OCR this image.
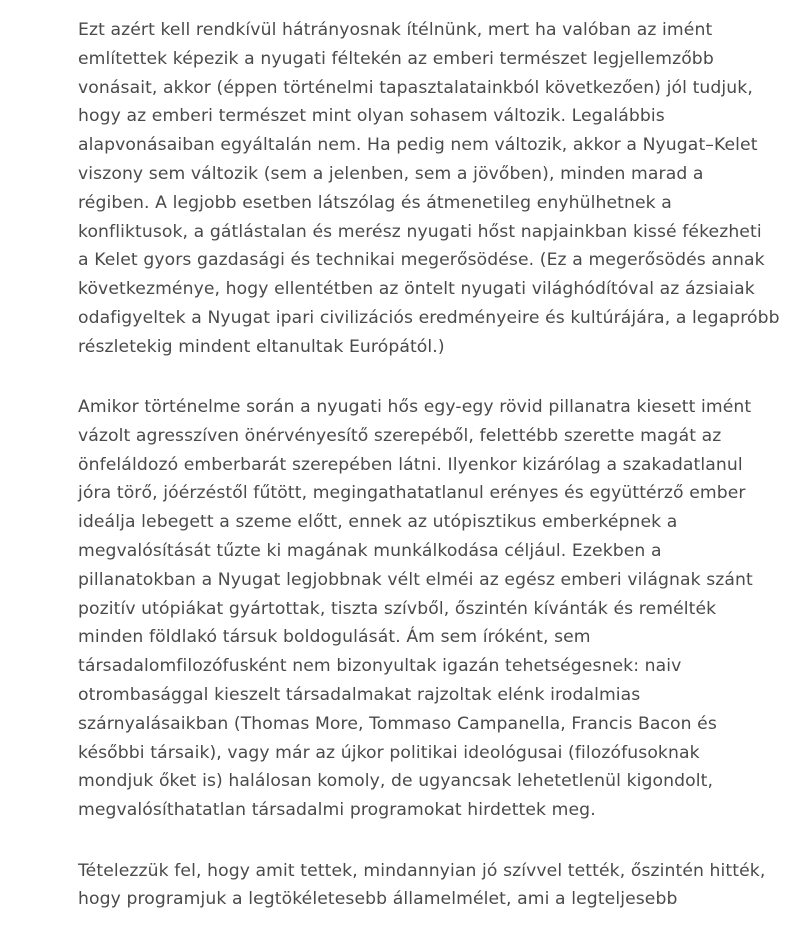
Ezt azért kell rendkívül hátrányosnak ítélnünk, mert ha valóban az imént
említettek képezik a nyugati féltekén az emberi természet legjellemzőbb
vonásait, akkor (éppen történelmi tapasztalatainkból következően) jól tudjuk,
hogy az emberi természet mint olyan sohasem változik. Legalábbis
alapvonásaiban egyáltalán nem. Ha pedig nem változik, akkor a Nyugat–Kelet
viszony sem változik (sem a jelenben, sem a jövőben), minden marad a
régiben. A legjobb esetben látszólag és átmenetileg enyhülhetnek a
konfliktusok, a gátlástalan és merész nyugati hőst napjainkban kissé fékezheti
a Kelet gyors gazdasági és technikai megerősödése. (Ez a megerősödés annak
következménye, hogy ellentétben az öntelt nyugati világhódítóval az ázsiaiak
odafigyeltek a Nyugat ipari civilizációs eredményeire és kultúrájára, a legapróbb
részletekig mindent eltanultak Európától.)

Amikor történelme során a nyugati hős egy-egy rövid pillanatra kiesett imént
vázolt agresszíven önérvényesítő szerepéből, felettébb szerette magát az
önfeláldozó emberbarát szerepében látni. Ilyenkor kizárólag a szakadatlanul
jóra törő, jóérzéstől fűtött, megingathatatlanul erényes és együttérző ember
ideálja lebegett a szeme előtt, ennek az utópisztikus emberképnek a
megvalósítását tűzte ki magának munkálkodása céljául. Ezekben a
pillanatokban a Nyugat legjobbnak vélt elméi az egész emberi világnak szánt
pozitív utópiákat gyártottak, tiszta szívből, őszintén kívánták és remélték
minden földlakó társuk boldogulását. Ám sem íróként, sem
társadalomfilozófusként nem bizonyultak igazán tehetségesnek: naiv
otrombasággal kieszelt társadalmakat rajzoltak elénk irodalmias
szárnyalásaikban (Thomas More, Tommaso Campanella, Francis Bacon és
későbbi társaik), vagy már az újkor politikai ideológusai (filozófusoknak
mondjuk őket is) halálosan komoly, de ugyancsak lehetetlenül kigondolt,
megvalósíthatatlan társadalmi programokat hirdettek meg.

Tételezzük fel, hogy amit tettek, mindannyian jó szívvel tették, őszintén hitték,
hogy programjuk a legtökéletesebb államelmélet, ami a legteljesebb
